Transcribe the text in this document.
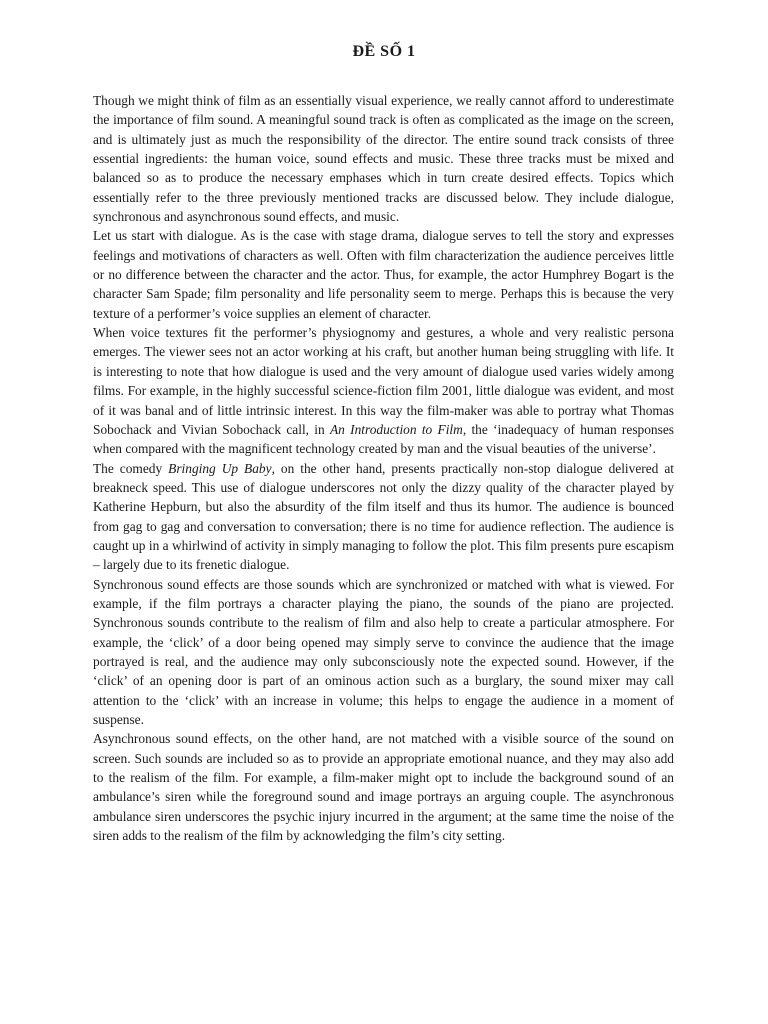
ĐỀ SỐ 1

Though we might think of film as an essentially visual experience, we really cannot afford to underestimate the importance of film sound. A meaningful sound track is often as complicated as the image on the screen, and is ultimately just as much the responsibility of the director. The entire sound track consists of three essential ingredients: the human voice, sound effects and music. These three tracks must be mixed and balanced so as to produce the necessary emphases which in turn create desired effects. Topics which essentially refer to the three previously mentioned tracks are discussed below. They include dialogue, synchronous and asynchronous sound effects, and music.

Let us start with dialogue. As is the case with stage drama, dialogue serves to tell the story and expresses feelings and motivations of characters as well. Often with film characterization the audience perceives little or no difference between the character and the actor. Thus, for example, the actor Humphrey Bogart is the character Sam Spade; film personality and life personality seem to merge. Perhaps this is because the very texture of a performer’s voice supplies an element of character.

When voice textures fit the performer’s physiognomy and gestures, a whole and very realistic persona emerges. The viewer sees not an actor working at his craft, but another human being struggling with life. It is interesting to note that how dialogue is used and the very amount of dialogue used varies widely among films. For example, in the highly successful science-fiction film 2001, little dialogue was evident, and most of it was banal and of little intrinsic interest. In this way the film-maker was able to portray what Thomas Sobochack and Vivian Sobochack call, in An Introduction to Film, the ‘inadequacy of human responses when compared with the magnificent technology created by man and the visual beauties of the universe’.

The comedy Bringing Up Baby, on the other hand, presents practically non-stop dialogue delivered at breakneck speed. This use of dialogue underscores not only the dizzy quality of the character played by Katherine Hepburn, but also the absurdity of the film itself and thus its humor. The audience is bounced from gag to gag and conversation to conversation; there is no time for audience reflection. The audience is caught up in a whirlwind of activity in simply managing to follow the plot. This film presents pure escapism – largely due to its frenetic dialogue.

Synchronous sound effects are those sounds which are synchronized or matched with what is viewed. For example, if the film portrays a character playing the piano, the sounds of the piano are projected. Synchronous sounds contribute to the realism of film and also help to create a particular atmosphere. For example, the ‘click’ of a door being opened may simply serve to convince the audience that the image portrayed is real, and the audience may only subconsciously note the expected sound. However, if the ‘click’ of an opening door is part of an ominous action such as a burglary, the sound mixer may call attention to the ‘click’ with an increase in volume; this helps to engage the audience in a moment of suspense.

Asynchronous sound effects, on the other hand, are not matched with a visible source of the sound on screen. Such sounds are included so as to provide an appropriate emotional nuance, and they may also add to the realism of the film. For example, a film-maker might opt to include the background sound of an ambulance’s siren while the foreground sound and image portrays an arguing couple. The asynchronous ambulance siren underscores the psychic injury incurred in the argument; at the same time the noise of the siren adds to the realism of the film by acknowledging the film’s city setting.
